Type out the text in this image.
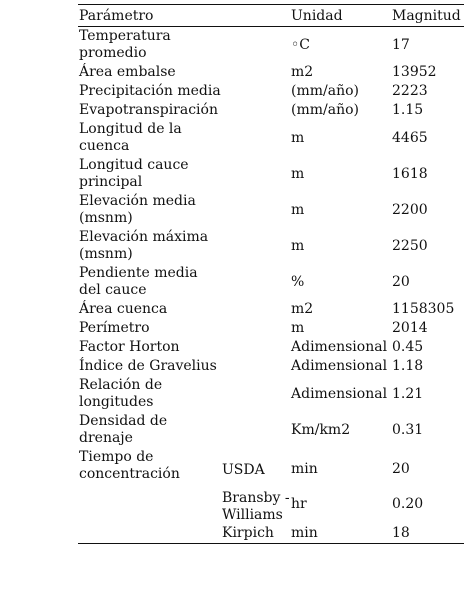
Parámetro		Unidad	Magnitud
Temperatura promedio		◦C	17
Área embalse		m2	13952
Precipitación media		(mm/año)	2223
Evapotranspiración		(mm/año)	1.15
Longitud de la cuenca		m	4465
Longitud cauce principal		m	1618
Elevación media (msnm)		m	2200
Elevación máxima (msnm)		m	2250
Pendiente media del cauce		%	20
Área cuenca		m2	1158305
Perímetro		m	2014
Factor Horton		Adimensional	0.45
Índice de Gravelius		Adimensional	1.18
Relación de longitudes		Adimensional	1.21
Densidad de drenaje		Km/km2	0.31
Tiempo de concentración	USDA	min	20
	Bransby - Williams	hr	0.20
	Kirpich	min	18
